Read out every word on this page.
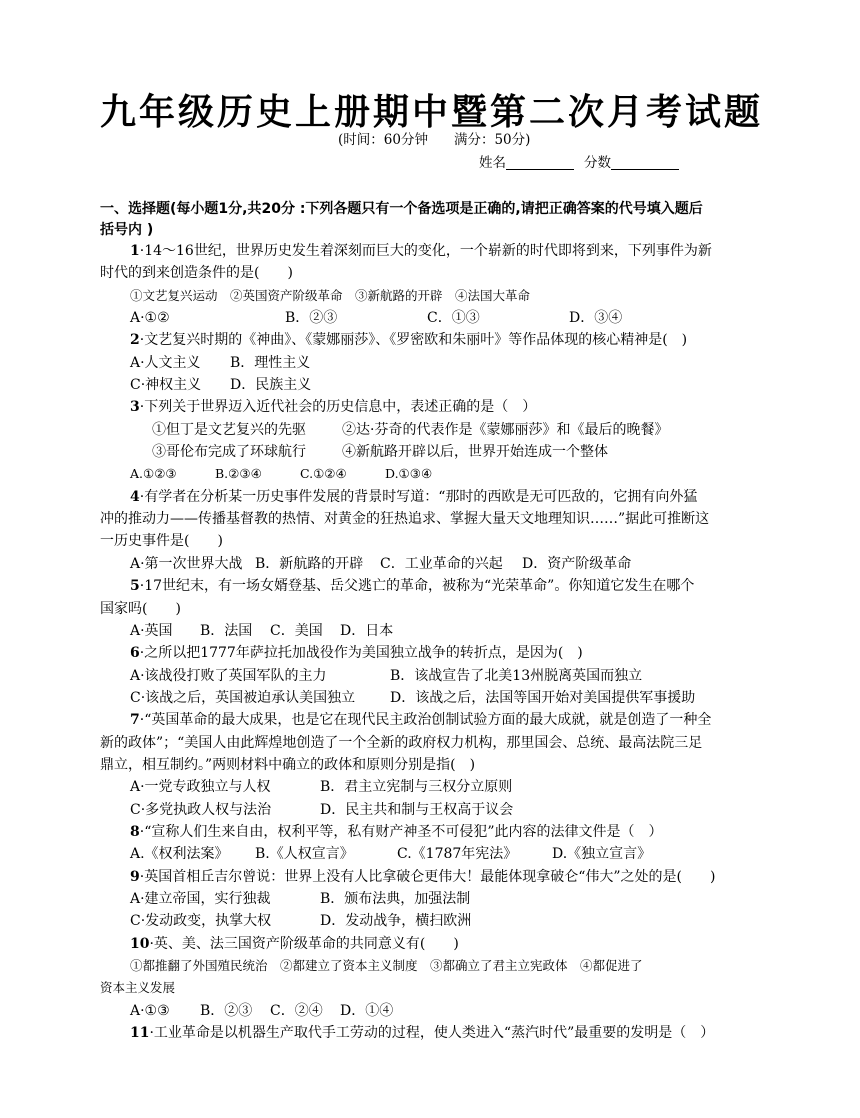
九年级历史上册期中暨第二次月考试题
(时间：60分钟 满分：50分)
姓名	分数
一、选择题(每小题1分,共20分 :下列各题只有一个备选项是正确的,请把正确答案的代号填入题后
括号内 )
1·14～16世纪，世界历史发生着深刻而巨大的变化，一个崭新的时代即将到来，下列事件为新
时代的到来创造条件的是(　　)
①文艺复兴运动　②英国资产阶级革命　③新航路的开辟　④法国大革命
A·①②	B．②③	C．①③	D．③④
2·文艺复兴时期的《神曲》、《蒙娜丽莎》、《罗密欧和朱丽叶》等作品体现的核心精神是(　)
A·人文主义 B．理性主义
C·神权主义 D．民族主义
3·下列关于世界迈入近代社会的历史信息中，表述正确的是（　）
①但丁是文艺复兴的先驱	②达·芬奇的代表作是《蒙娜丽莎》和《最后的晚餐》
③哥伦布完成了环球航行	④新航路开辟以后，世界开始连成一个整体
A.①②③	B.②③④	C.①②④	D.①③④
4·有学者在分析某一历史事件发展的背景时写道：“那时的西欧是无可匹敌的，它拥有向外猛
冲的推动力——传播基督教的热情、对黄金的狂热追求、掌握大量天文地理知识……”据此可推断这
一历史事件是(　　)
A·第一次世界大战 B．新航路的开辟 C．工业革命的兴起 D．资产阶级革命
5·17世纪末，有一场女婿登基、岳父逃亡的革命，被称为“光荣革命”。你知道它发生在哪个
国家吗(　　)
A·英国 B．法国 C．美国 D．日本
6·之所以把1777年萨拉托加战役作为美国独立战争的转折点，是因为(　)
A·该战役打败了英国军队的主力	B．该战宣告了北美13州脱离英国而独立
C·该战之后，英国被迫承认美国独立 D．该战之后，法国等国开始对美国提供军事援助
7·“英国革命的最大成果，也是它在现代民主政治创制试验方面的最大成就，就是创造了一种全
新的政体”；“美国人由此辉煌地创造了一个全新的政府权力机构，那里国会、总统、最高法院三足
鼎立，相互制约。”两则材料中确立的政体和原则分别是指(　)
A·一党专政独立与人权	B．君主立宪制与三权分立原则
C·多党执政人权与法治	D．民主共和制与王权高于议会
8·“宣称人们生来自由，权利平等，私有财产神圣不可侵犯”此内容的法律文件是（　）
A.《权利法案》 B.《人权宣言》	C.《1787年宪法》 D.《独立宣言》
9·英国首相丘吉尔曾说：世界上没有人比拿破仑更伟大！最能体现拿破仑“伟大”之处的是(　　)
A·建立帝国，实行独裁	B．颁布法典，加强法制
C·发动政变，执掌大权	D．发动战争，横扫欧洲
10·英、美、法三国资产阶级革命的共同意义有(　　)
①都推翻了外国殖民统治　②都建立了资本主义制度　③都确立了君主立宪政体　④都促进了
资本主义发展
A·①③ B．②③ C．②④ D．①④
11·工业革命是以机器生产取代手工劳动的过程，使人类进入“蒸汽时代”最重要的发明是（　）
